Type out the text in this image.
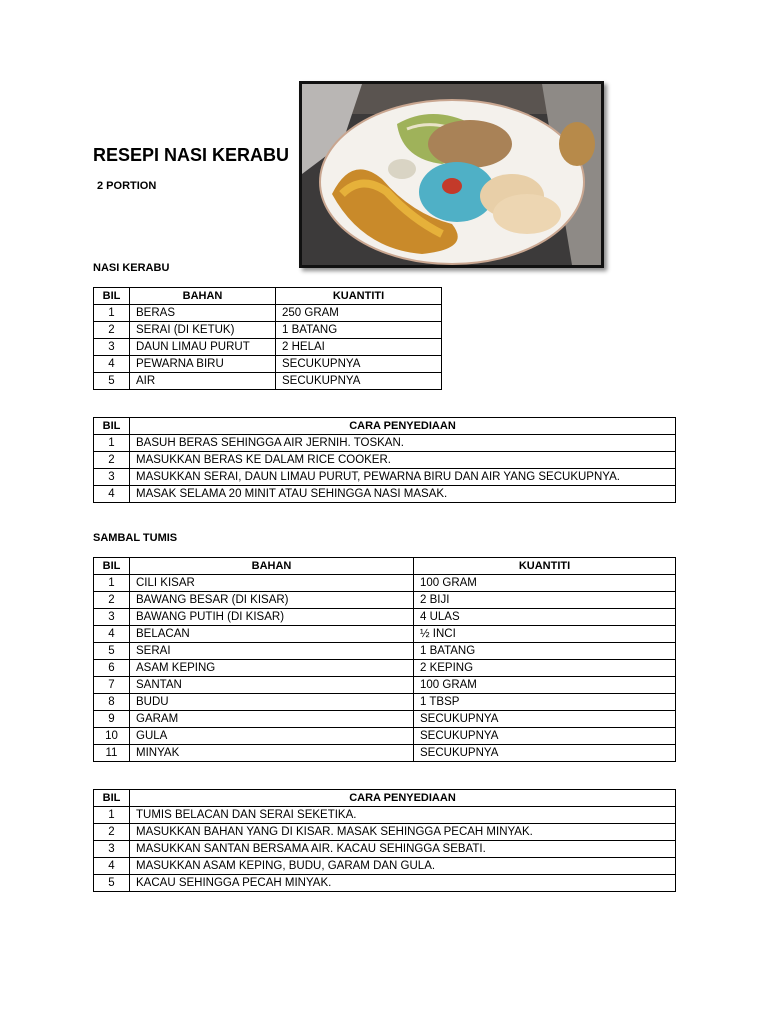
RESEPI NASI KERABU
2 PORTION
NASI KERABU
BIL	BAHAN	KUANTITI
1	BERAS	250 GRAM
2	SERAI (DI KETUK)	1 BATANG
3	DAUN LIMAU PURUT	2 HELAI
4	PEWARNA BIRU	SECUKUPNYA
5	AIR	SECUKUPNYA
BIL	CARA PENYEDIAAN
1	BASUH BERAS SEHINGGA AIR JERNIH. TOSKAN.
2	MASUKKAN BERAS KE DALAM RICE COOKER.
3	MASUKKAN SERAI, DAUN LIMAU PURUT, PEWARNA BIRU DAN AIR YANG SECUKUPNYA.
4	MASAK SELAMA 20 MINIT ATAU SEHINGGA NASI MASAK.
SAMBAL TUMIS
BIL	BAHAN	KUANTITI
1	CILI KISAR	100 GRAM
2	BAWANG BESAR (DI KISAR)	2 BIJI
3	BAWANG PUTIH (DI KISAR)	4 ULAS
4	BELACAN	½ INCI
5	SERAI	1 BATANG
6	ASAM KEPING	2 KEPING
7	SANTAN	100 GRAM
8	BUDU	1 TBSP
9	GARAM	SECUKUPNYA
10	GULA	SECUKUPNYA
11	MINYAK	SECUKUPNYA
BIL	CARA PENYEDIAAN
1	TUMIS BELACAN DAN SERAI SEKETIKA.
2	MASUKKAN BAHAN YANG DI KISAR. MASAK SEHINGGA PECAH MINYAK.
3	MASUKKAN SANTAN BERSAMA AIR. KACAU SEHINGGA SEBATI.
4	MASUKKAN ASAM KEPING, BUDU, GARAM DAN GULA.
5	KACAU SEHINGGA PECAH MINYAK.
